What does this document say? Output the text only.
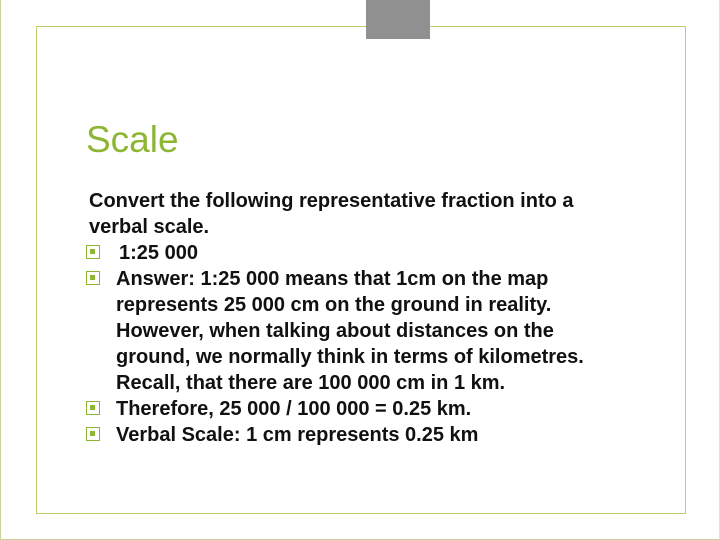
Scale
Convert the following representative fraction into a verbal scale.
1:25 000
Answer: 1:25 000 means that 1cm on the map represents 25 000 cm on the ground in reality. However, when talking about distances on the ground, we normally think in terms of kilometres. Recall, that there are 100 000 cm in 1 km.
Therefore, 25 000 / 100 000 = 0.25 km.
Verbal Scale: 1 cm represents 0.25 km
